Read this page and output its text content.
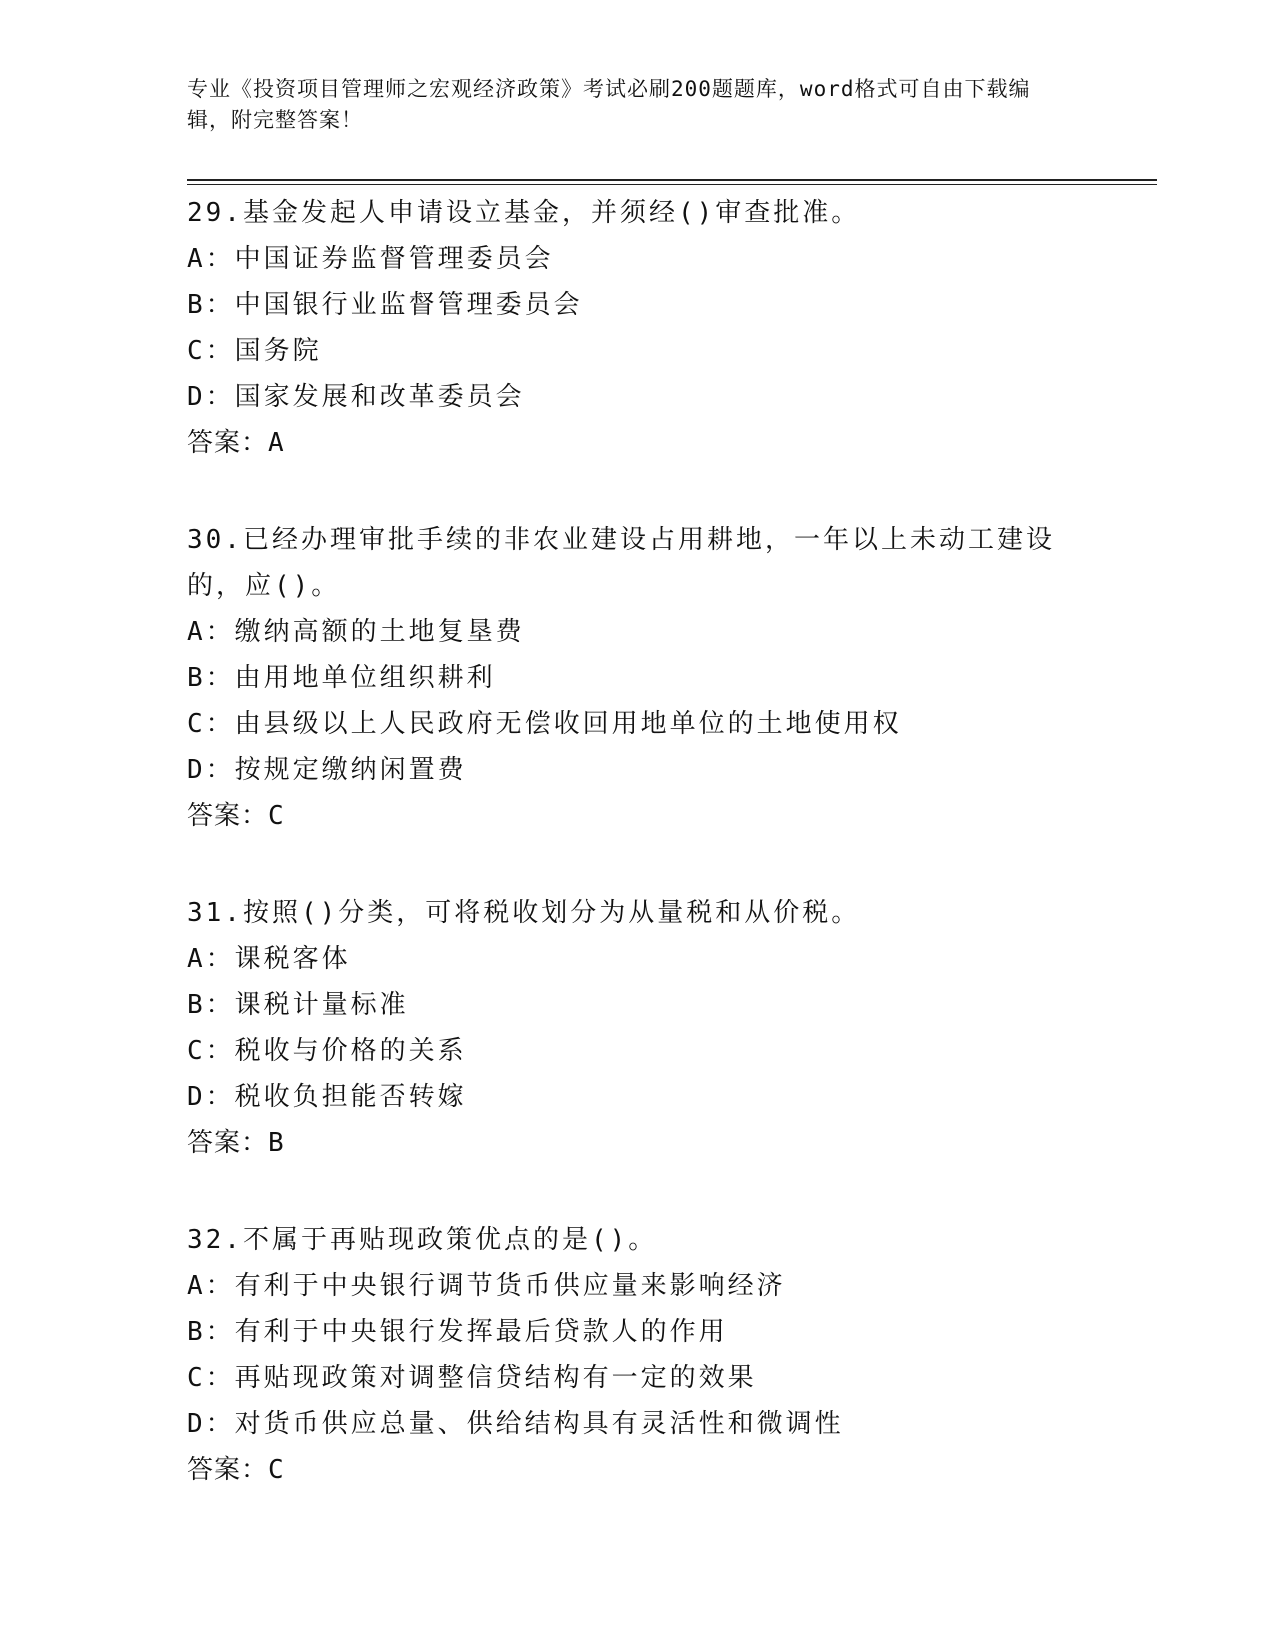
专业《投资项目管理师之宏观经济政策》考试必刷200题题库，word格式可自由下载编辑，附完整答案！
29.基金发起人申请设立基金，并须经()审查批准。
A：中国证券监督管理委员会
B：中国银行业监督管理委员会
C：国务院
D：国家发展和改革委员会
答案：A
30.已经办理审批手续的非农业建设占用耕地，一年以上未动工建设的，应()。
A：缴纳高额的土地复垦费
B：由用地单位组织耕利
C：由县级以上人民政府无偿收回用地单位的土地使用权
D：按规定缴纳闲置费
答案：C
31.按照()分类，可将税收划分为从量税和从价税。
A：课税客体
B：课税计量标准
C：税收与价格的关系
D：税收负担能否转嫁
答案：B
32.不属于再贴现政策优点的是()。
A：有利于中央银行调节货币供应量来影响经济
B：有利于中央银行发挥最后贷款人的作用
C：再贴现政策对调整信贷结构有一定的效果
D：对货币供应总量、供给结构具有灵活性和微调性
答案：C
